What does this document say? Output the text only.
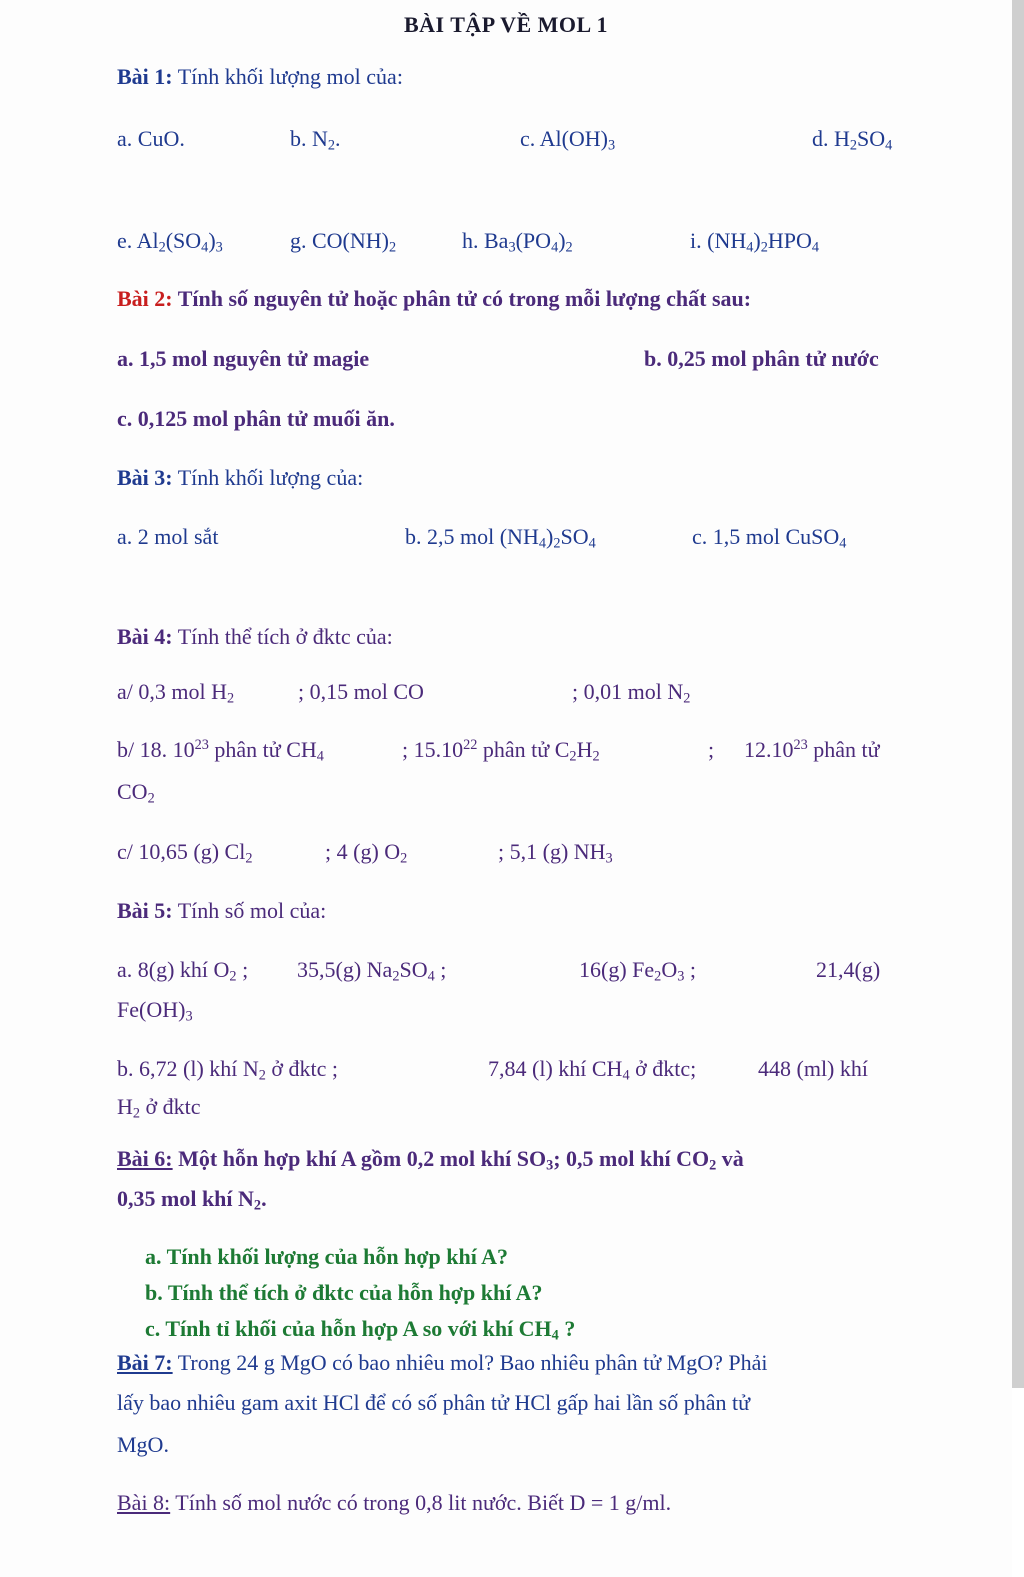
BÀI TẬP VỀ MOL 1
Bài 1: Tính khối lượng mol của:
a. CuO.	b. $N_2$.	c. $Al(OH)_3$	d. $H_2SO_4$
e. $Al_2(SO_4)_3$	g. $CO(NH)_2$	h. $Ba_3(PO_4)_2$	i. $(NH_4)_2HPO_4$
Bài 2: Tính số nguyên tử hoặc phân tử có trong mỗi lượng chất sau:
a. 1,5 mol nguyên tử magie	b. 0,25 mol phân tử nước
c. 0,125 mol phân tử muối ăn.
Bài 3: Tính khối lượng của:
a. 2 mol sắt	b. 2,5 mol $(NH_4)_2SO_4$	c. 1,5 mol CuSO$_4$
Bài 4: Tính thể tích ở đktc của:
a/ 0,3 mol $H_2$	; 0,15 mol CO	; 0,01 mol $N_2$
b/ 18. $10^{23}$ phân tử $CH_4$	; 15.10$^{22}$ phân tử $C_2H_2$	; 12.10$^{23}$ phân tử
$CO_2$
c/ 10,65 (g) $Cl_2$	; 4 (g) $O_2$	; 5,1 (g) $NH_3$
Bài 5: Tính số mol của:
a. 8(g) khí $O_2$ ; 35,5(g) $Na_2SO_4$ ;	16(g) $Fe_2O_3$ ;	21,4(g)
$Fe(OH)_3$
b. 6,72 (l) khí $N_2$ ở đktc ;	7,84 (l) khí $CH_4$ ở đktc;	448 (ml) khí
$H_2$ ở đktc
Bài 6: Một hỗn hợp khí A gồm 0,2 mol khí $SO_3$; 0,5 mol khí $CO_2$ và
0,35 mol khí $N_2$.
a. Tính khối lượng của hỗn hợp khí A?
b. Tính thể tích ở đktc của hỗn hợp khí A?
c. Tính tỉ khối của hỗn hợp A so với khí $CH_4$ ?
Bài 7: Trong 24 g MgO có bao nhiêu mol? Bao nhiêu phân tử MgO? Phải
lấy bao nhiêu gam axit HCl để có số phân tử HCl gấp hai lần số phân tử
MgO.
Bài 8: Tính số mol nước có trong 0,8 lit nước. Biết D = 1 g/ml.
